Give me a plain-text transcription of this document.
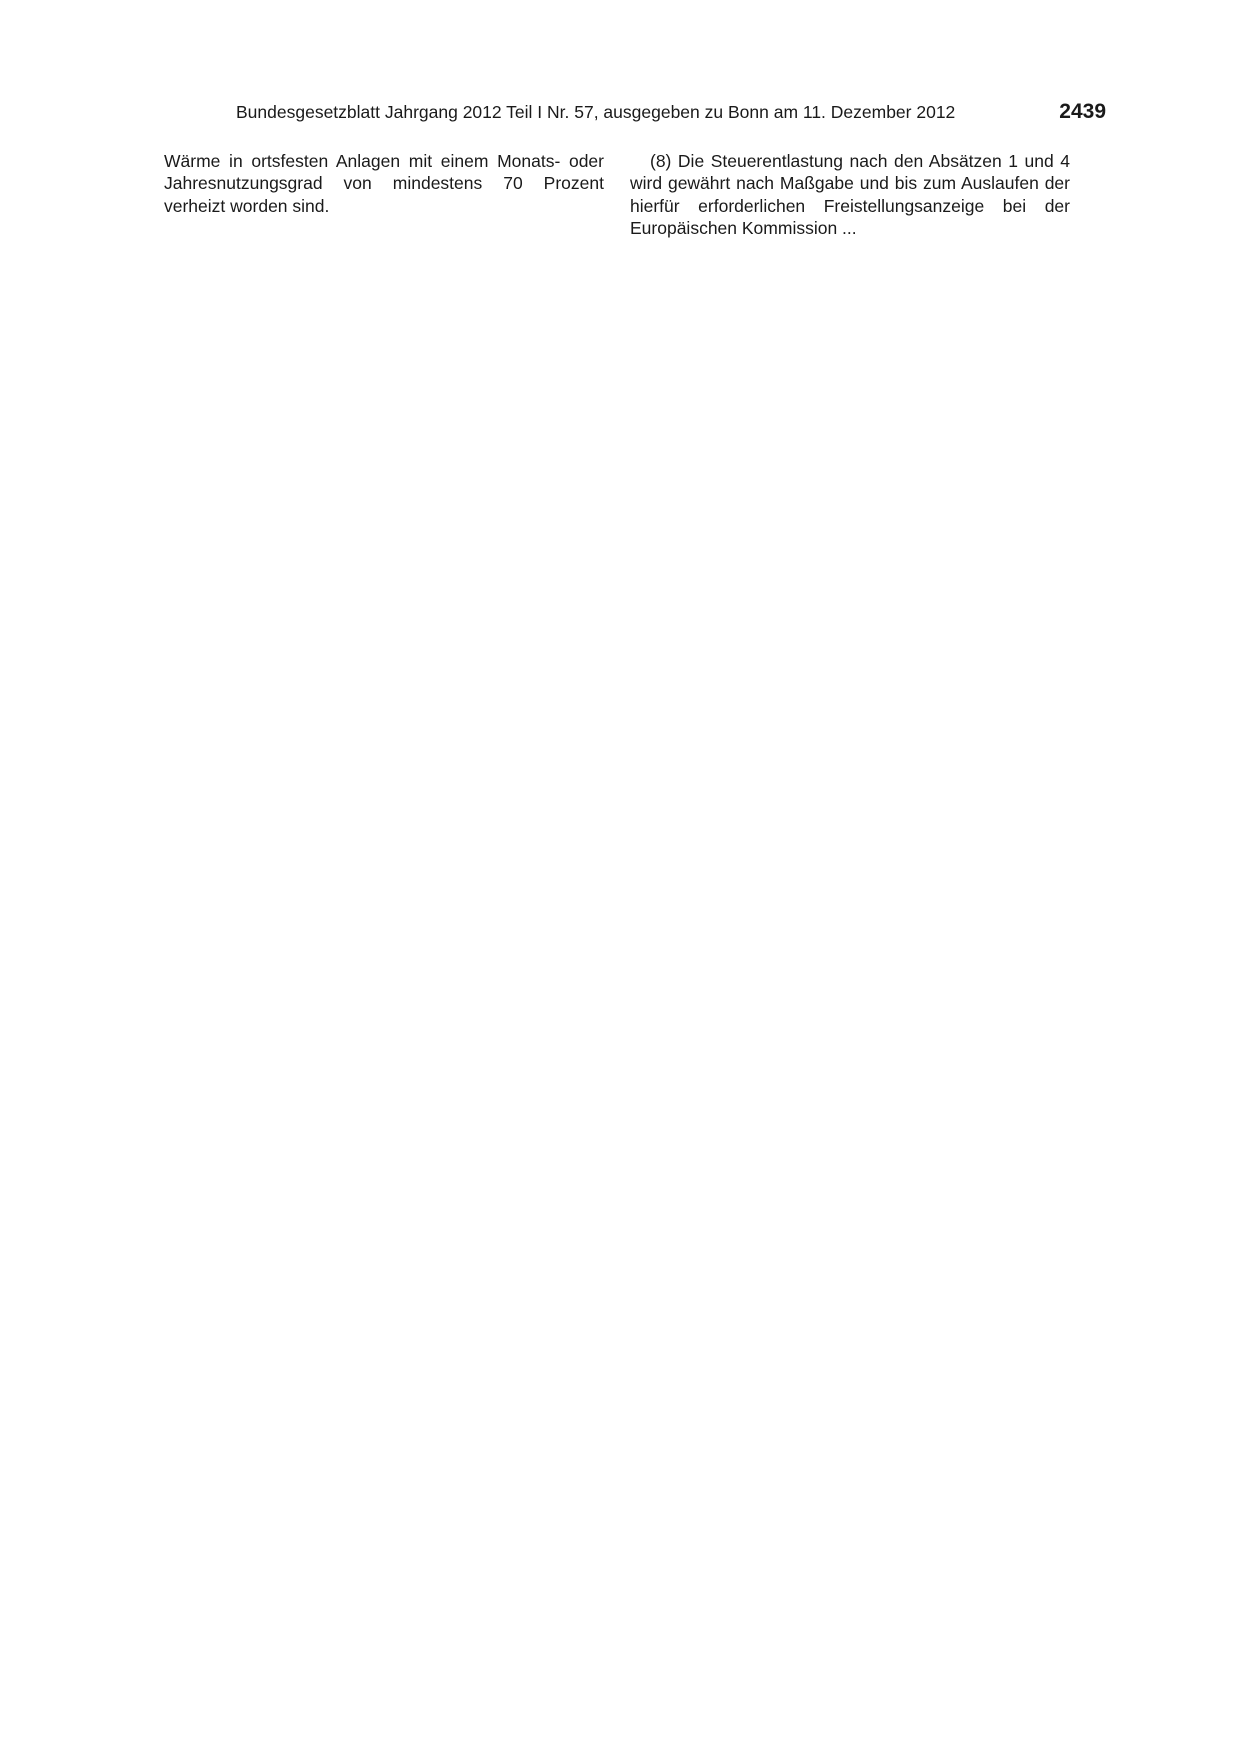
Bundesgesetzblatt Jahrgang 2012 Teil I Nr. 57, ausgegeben zu Bonn am 11. Dezember 2012	2439

Wärme in ortsfesten Anlagen mit einem Monats- oder Jahresnutzungsgrad von mindestens 70 Prozent verheizt worden sind.

(8) Die Steuerentlastung nach den Absätzen 1 und 4 wird gewährt nach Maßgabe und bis zum Auslaufen der hierfür erforderlichen Freistellungsanzeige bei der Europäischen Kommission ...
